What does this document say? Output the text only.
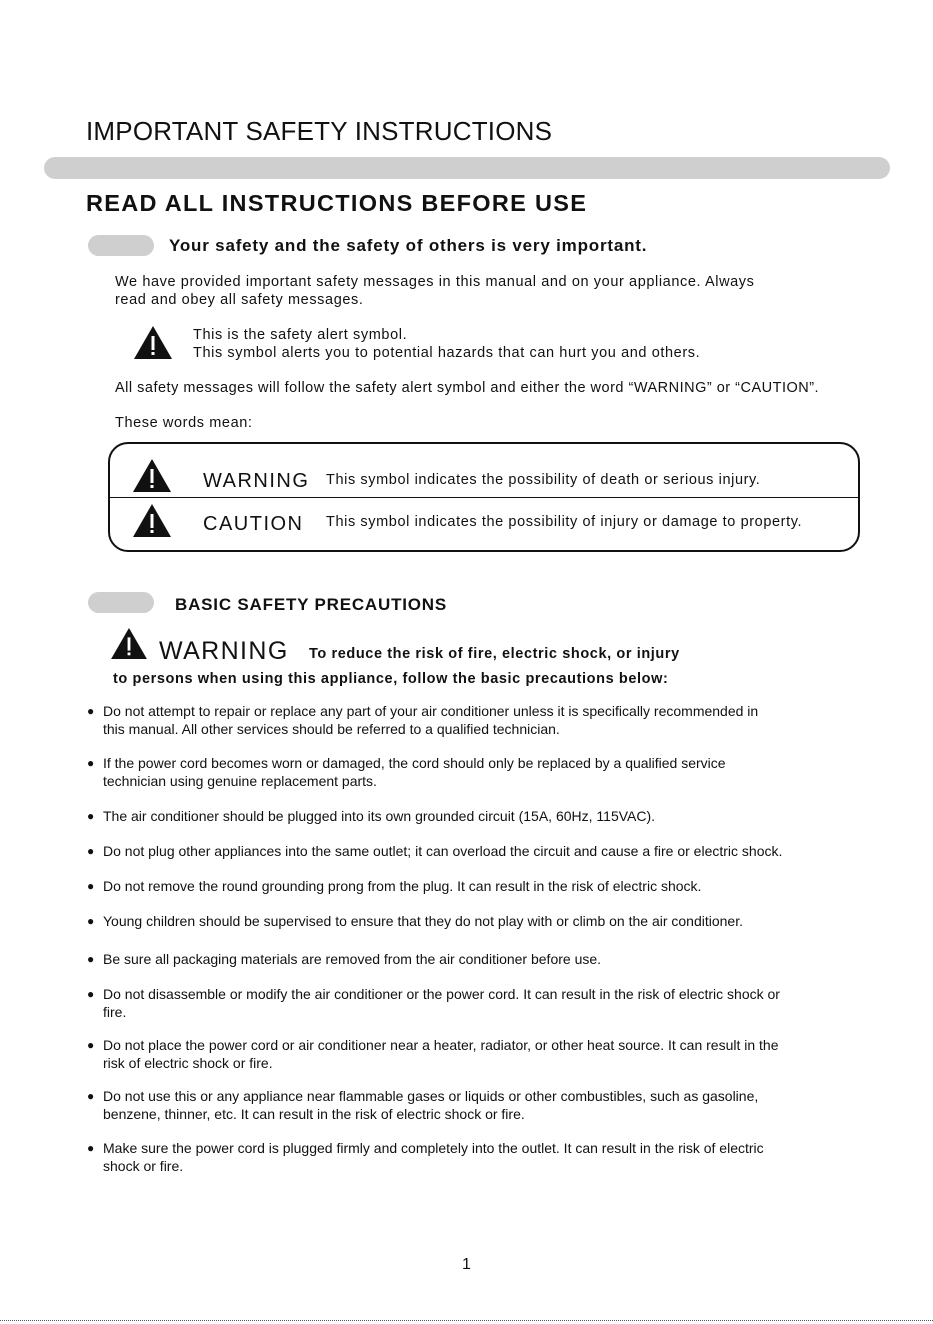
IMPORTANT SAFETY INSTRUCTIONS
READ ALL INSTRUCTIONS BEFORE USE
Your safety and the safety of others is very important.
We have provided important safety messages in this manual and on your appliance. Always
read and obey all safety messages.
This is the safety alert symbol.
This symbol alerts you to potential hazards that can hurt you and others.
All safety messages will follow the safety alert symbol and either the word “WARNING” or “CAUTION”.
These words mean:
WARNING This symbol indicates the possibility of death or serious injury.
CAUTION This symbol indicates the possibility of injury or damage to property.
BASIC SAFETY PRECAUTIONS
WARNING To reduce the risk of fire, electric shock, or injury
to persons when using this appliance, follow the basic precautions below:
● Do not attempt to repair or replace any part of your air conditioner unless it is specifically recommended in
this manual. All other services should be referred to a qualified technician.
● If the power cord becomes worn or damaged, the cord should only be replaced by a qualified service
technician using genuine replacement parts.
● The air conditioner should be plugged into its own grounded circuit (15A, 60Hz, 115VAC).
● Do not plug other appliances into the same outlet; it can overload the circuit and cause a fire or electric shock.
● Do not remove the round grounding prong from the plug. It can result in the risk of electric shock.
● Young children should be supervised to ensure that they do not play with or climb on the air conditioner.
● Be sure all packaging materials are removed from the air conditioner before use.
● Do not disassemble or modify the air conditioner or the power cord. It can result in the risk of electric shock or
fire.
● Do not place the power cord or air conditioner near a heater, radiator, or other heat source. It can result in the
risk of electric shock or fire.
● Do not use this or any appliance near flammable gases or liquids or other combustibles, such as gasoline,
benzene, thinner, etc. It can result in the risk of electric shock or fire.
● Make sure the power cord is plugged firmly and completely into the outlet. It can result in the risk of electric
shock or fire.
1
